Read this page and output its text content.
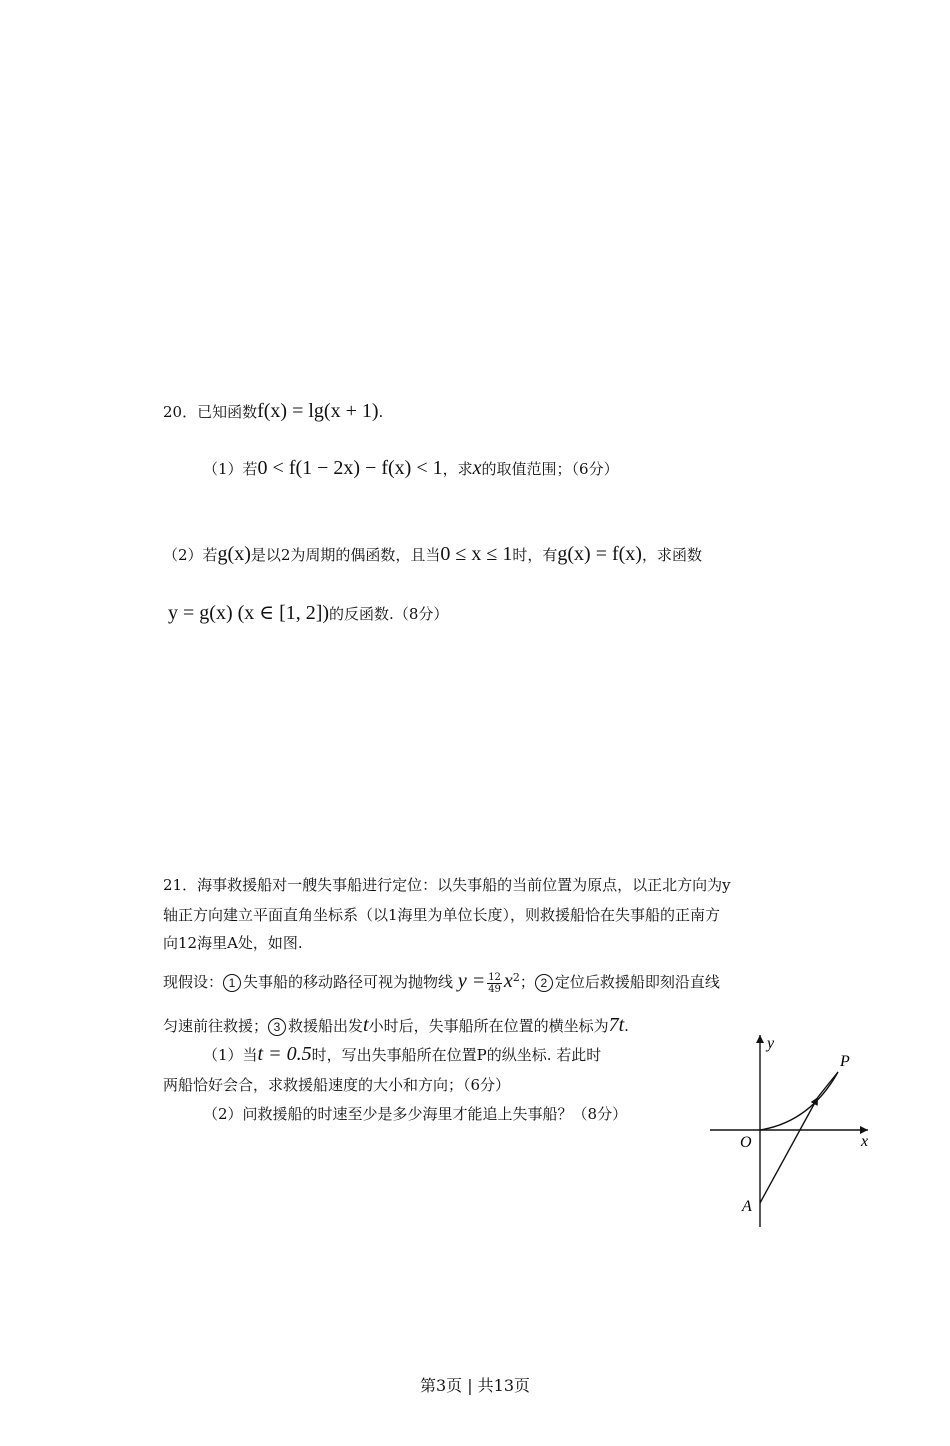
20．已知函数f(x) = lg(x + 1).
（1）若0 < f(1 − 2x) − f(x) < 1，求x的取值范围；（6分）
（2）若g(x)是以2为周期的偶函数，且当0 ≤ x ≤ 1时，有g(x) = f(x)，求函数
y = g(x) (x ∈ [1, 2])的反函数.（8分）
21．海事救援船对一艘失事船进行定位：以失事船的当前位置为原点，以正北方向为y
轴正方向建立平面直角坐标系（以1海里为单位长度），则救援船恰在失事船的正南方
向12海里A处，如图.
现假设： 1 失事船的移动路径可视为抛物线 $y = \frac{12}{49} x^2$； 2 定位后救援船即刻沿直线
匀速前往救援； 3 救援船出发t小时后，失事船所在位置的横坐标为7t.
（1）当t = 0.5时，写出失事船所在位置P的纵坐标. 若此时
两船恰好会合，求救援船速度的大小和方向；（6分）
（2）问救援船的时速至少是多少海里才能追上失事船？（8分）
y
x
O
A
P
第3页 | 共13页
